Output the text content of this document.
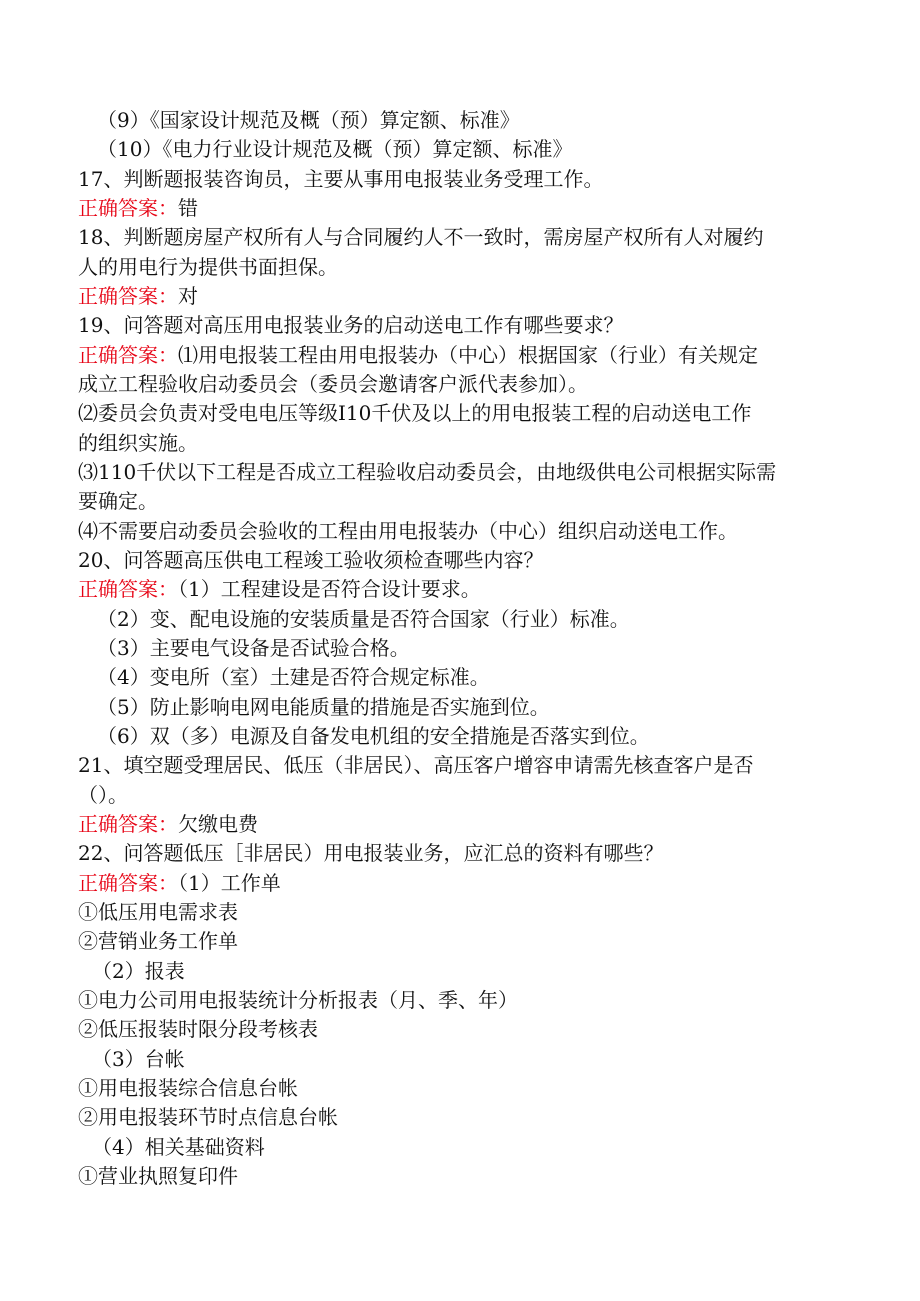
（9）《国家设计规范及概（预）算定额、标准》
（10）《电力行业设计规范及概（预）算定额、标准》
17、判断题报装咨询员，主要从事用电报装业务受理工作。
正确答案：错
18、判断题房屋产权所有人与合同履约人不一致时，需房屋产权所有人对履约
人的用电行为提供书面担保。
正确答案：对
19、问答题对高压用电报装业务的启动送电工作有哪些要求？
正确答案：⑴用电报装工程由用电报装办（中心）根据国家（行业）有关规定
成立工程验收启动委员会（委员会邀请客户派代表参加）。
⑵委员会负责对受电电压等级I10千伏及以上的用电报装工程的启动送电工作
的组织实施。
⑶110千伏以下工程是否成立工程验收启动委员会，由地级供电公司根据实际需
要确定。
⑷不需要启动委员会验收的工程由用电报装办（中心）组织启动送电工作。
20、问答题高压供电工程竣工验收须检查哪些内容？
正确答案：（1）工程建设是否符合设计要求。
（2）变、配电设施的安装质量是否符合国家（行业）标准。
（3）主要电气设备是否试验合格。
（4）变电所（室）土建是否符合规定标准。
（5）防止影响电网电能质量的措施是否实施到位。
（6）双（多）电源及自备发电机组的安全措施是否落实到位。
21、填空题受理居民、低压（非居民）、高压客户增容申请需先核查客户是否
（）。
正确答案：欠缴电费
22、问答题低压［非居民）用电报装业务，应汇总的资料有哪些？
正确答案：（1）工作单
①低压用电需求表
②营销业务工作单
（2）报表
①电力公司用电报装统计分析报表（月、季、年）
②低压报装时限分段考核表
（3）台帐
①用电报装综合信息台帐
②用电报装环节时点信息台帐
（4）相关基础资料
①营业执照复印件
